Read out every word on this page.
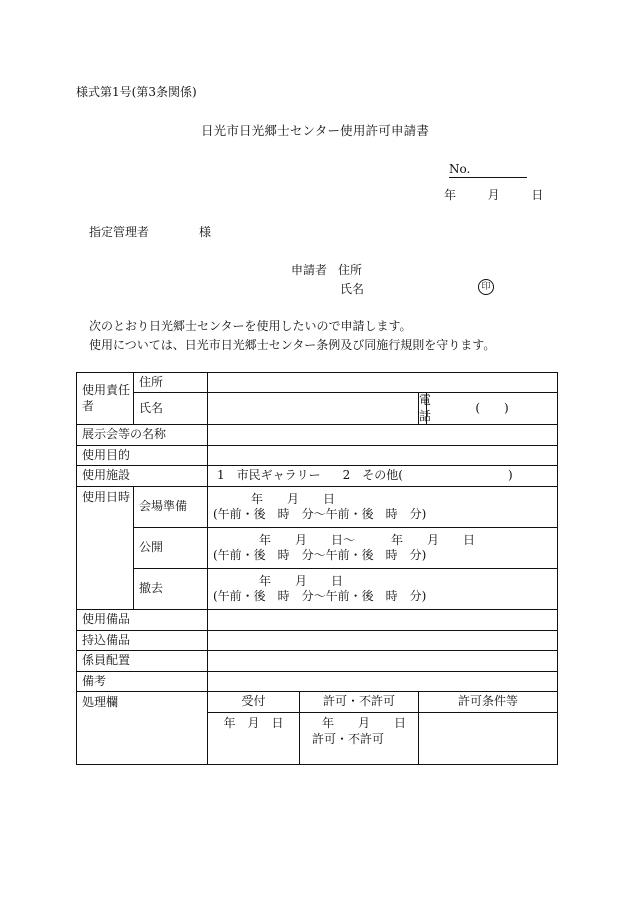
様式第1号(第3条関係)
日光市日光郷士センター使用許可申請書
No.
年	月	日
指定管理者	様
申請者 住所
氏名	印
次のとおり日光郷士センターを使用したいので申請します。
使用については、日光市日光郷士センター条例及び同施行規則を守ります。
使用責任者	住所				
	氏名			電話	(　　)
展示会等の名称					
使用目的					
使用施設		1　市民ギャラリー 2　その他( )			
使用日時	会場準備	年　　月　　日
(午前・後　時　分〜午前・後　時　分)			

	公開	年　　月　　日〜　　　年　　月　　日
(午前・後　時　分〜午前・後　時　分)			

	撤去	年　　月　　日
(午前・後　時　分〜午前・後　時　分)			

使用備品					
持込備品					
係員配置					
備考					
処理欄		受付	許可・不許可	許可条件等	
		年　月　日	年　　月　　日
許可・不許可		
